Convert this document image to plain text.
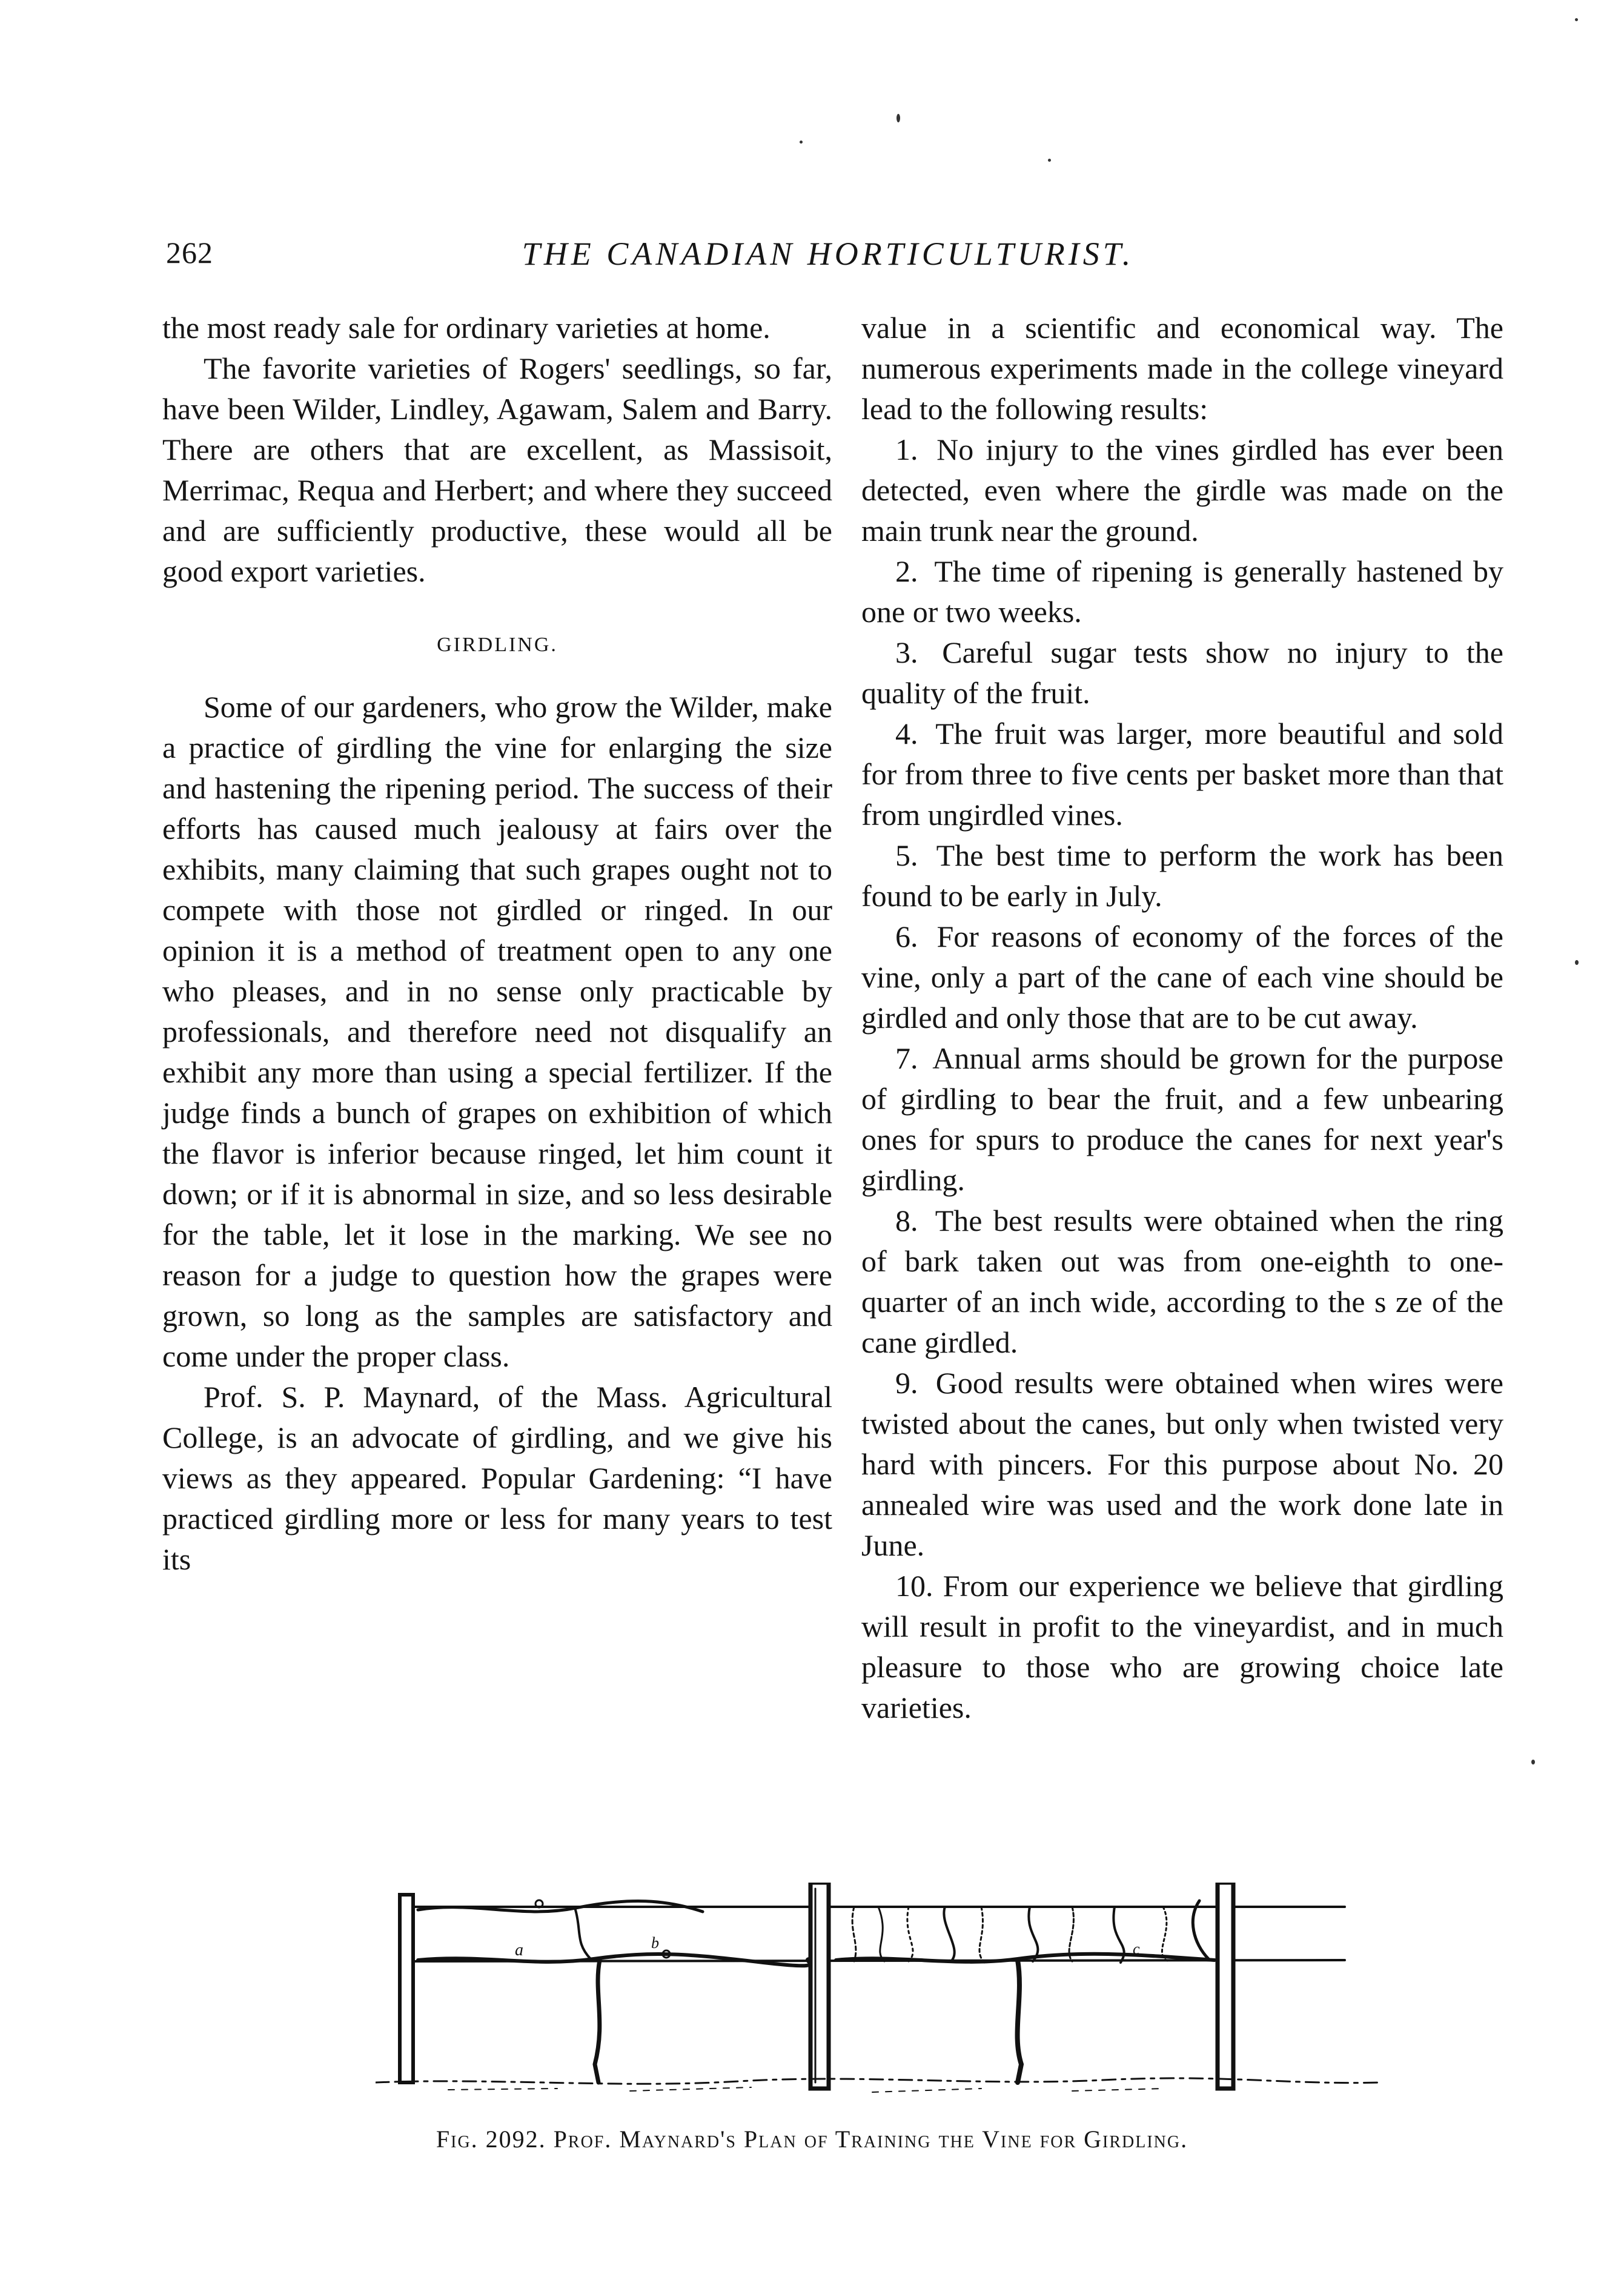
262	THE CANADIAN HORTICULTURIST.

the most ready sale for ordinary varieties at home.

The favorite varieties of Rogers' seedlings, so far, have been Wilder, Lindley, Agawam, Salem and Barry. There are others that are excellent, as Massisoit, Merrimac, Requa and Herbert; and where they succeed and are sufficiently productive, these would all be good export varieties.

GIRDLING.

Some of our gardeners, who grow the Wilder, make a practice of girdling the vine for enlarging the size and hastening the ripening period. The success of their efforts has caused much jealousy at fairs over the exhibits, many claiming that such grapes ought not to compete with those not girdled or ringed. In our opinion it is a method of treatment open to any one who pleases, and in no sense only practicable by professionals, and therefore need not disqualify an exhibit any more than using a special fertilizer. If the judge finds a bunch of grapes on exhibition of which the flavor is inferior because ringed, let him count it down; or if it is abnormal in size, and so less desirable for the table, let it lose in the marking. We see no reason for a judge to question how the grapes were grown, so long as the samples are satisfactory and come under the proper class.

Prof. S. P. Maynard, of the Mass. Agricultural College, is an advocate of girdling, and we give his views as they appeared. Popular Gardening: “I have practiced girdling more or less for many years to test its

value in a scientific and economical way. The numerous experiments made in the college vineyard lead to the following results:

1. No injury to the vines girdled has ever been detected, even where the girdle was made on the main trunk near the ground.

2. The time of ripening is generally hastened by one or two weeks.

3. Careful sugar tests show no injury to the quality of the fruit.

4. The fruit was larger, more beautiful and sold for from three to five cents per basket more than that from ungirdled vines.

5. The best time to perform the work has been found to be early in July.

6. For reasons of economy of the forces of the vine, only a part of the cane of each vine should be girdled and only those that are to be cut away.

7. Annual arms should be grown for the purpose of girdling to bear the fruit, and a few unbearing ones for spurs to produce the canes for next year's girdling.

8. The best results were obtained when the ring of bark taken out was from one-eighth to one-quarter of an inch wide, according to the s ze of the cane girdled.

9. Good results were obtained when wires were twisted about the canes, but only when twisted very hard with pincers. For this purpose about No. 20 annealed wire was used and the work done late in June.

10. From our experience we believe that girdling will result in profit to the vineyardist, and in much pleasure to those who are growing choice late varieties.

a	b	c
Fig. 2092. Prof. Maynard's Plan of Training the Vine for Girdling.
